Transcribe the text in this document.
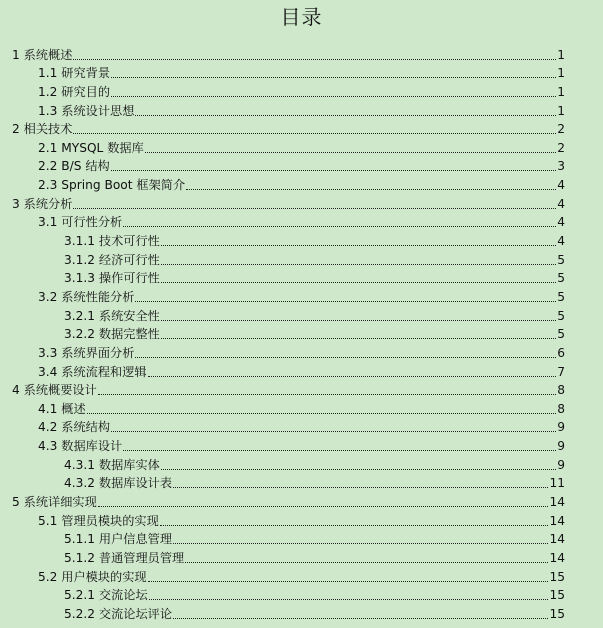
目录
1 系统概述	1
1.1 研究背景	1
1.2 研究目的	1
1.3 系统设计思想	1
2 相关技术	2
2.1 MYSQL 数据库	2
2.2 B/S 结构	3
2.3 Spring Boot 框架简介	4
3 系统分析	4
3.1 可行性分析	4
3.1.1 技术可行性	4
3.1.2 经济可行性	5
3.1.3 操作可行性	5
3.2 系统性能分析	5
3.2.1 系统安全性	5
3.2.2 数据完整性	5
3.3 系统界面分析	6
3.4 系统流程和逻辑	7
4 系统概要设计	8
4.1 概述	8
4.2 系统结构	9
4.3 数据库设计	9
4.3.1 数据库实体	9
4.3.2 数据库设计表	11
5 系统详细实现	14
5.1 管理员模块的实现	14
5.1.1 用户信息管理	14
5.1.2 普通管理员管理	14
5.2 用户模块的实现	15
5.2.1 交流论坛	15
5.2.2 交流论坛评论	15
